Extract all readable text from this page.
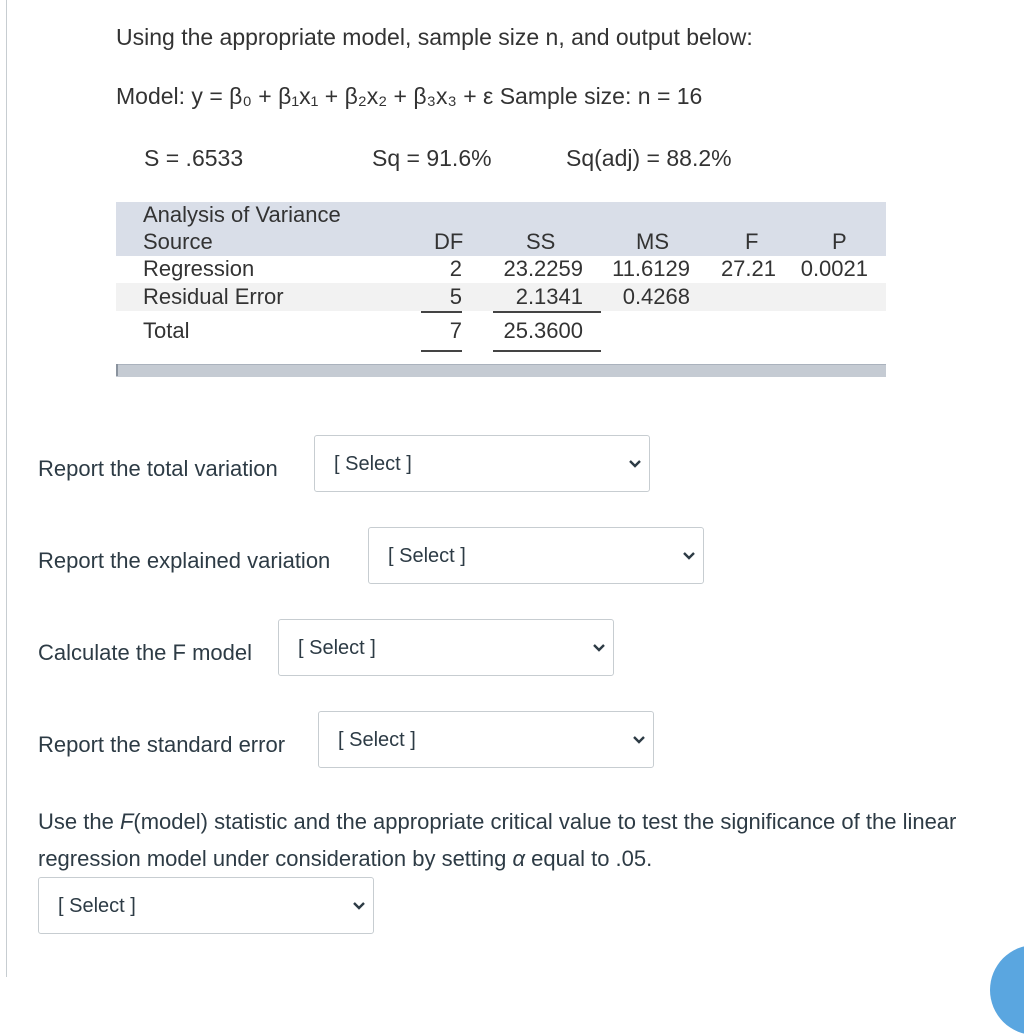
Using the appropriate model, sample size n, and output below:
Model: y = β₀ + β₁x₁ + β₂x₂ + β₃x₃ + ε Sample size: n = 16
S = .6533	Sq = 91.6%	Sq(adj) = 88.2%
Analysis of Variance
Source	DF	SS	MS	F	P
Regression	2	23.2259	11.6129	27.21	0.0021
Residual Error	5	2.1341	0.4268
Total	7	25.3600
Report the total variation	[ Select ]
Report the explained variation	[ Select ]
Calculate the F model [ Select ]
Report the standard error	[ Select ]
Use the F(model) statistic and the appropriate critical value to test the significance of the linear regression model under consideration by setting α equal to .05.
[ Select ]
